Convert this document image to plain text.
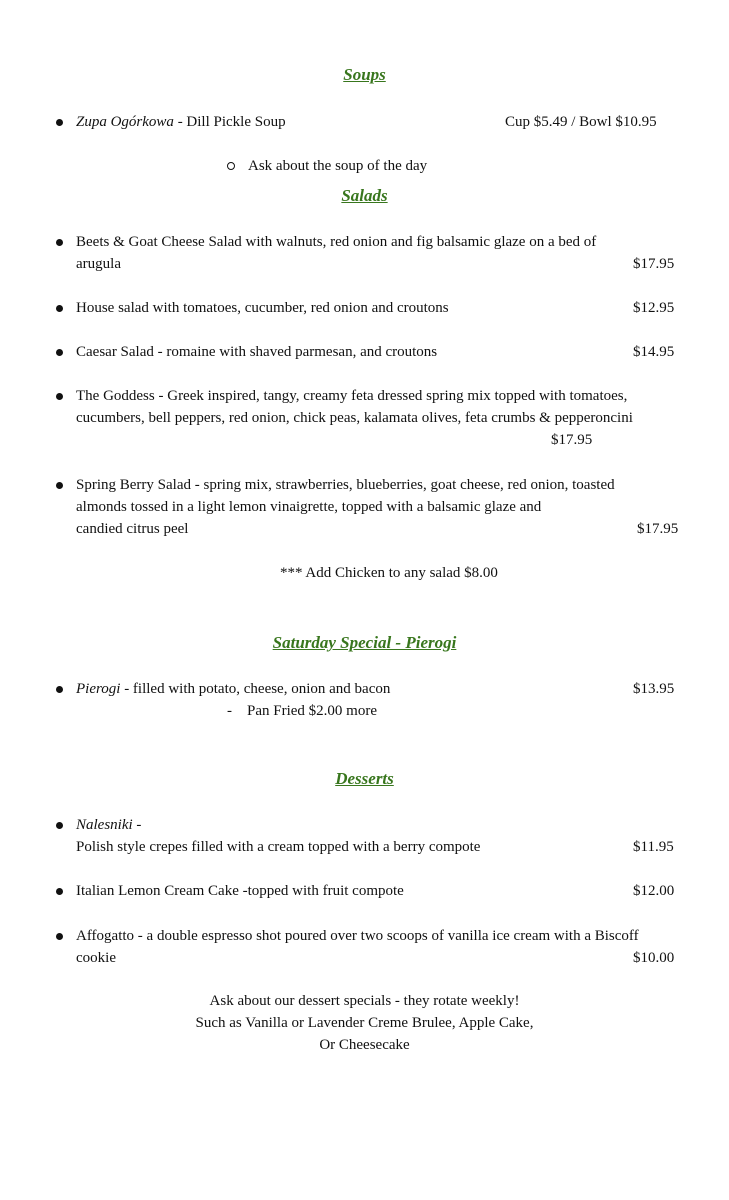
Soups
Zupa Ogórkowa - Dill Pickle Soup	Cup $5.49 / Bowl $10.95
Ask about the soup of the day
Salads
Beets & Goat Cheese Salad with walnuts, red onion and fig balsamic glaze on a bed of
arugula	$17.95
House salad with tomatoes, cucumber, red onion and croutons	$12.95
Caesar Salad - romaine with shaved parmesan, and croutons	$14.95
The Goddess - Greek inspired, tangy, creamy feta dressed spring mix topped with tomatoes,
cucumbers, bell peppers, red onion, chick peas, kalamata olives, feta crumbs & pepperoncini
$17.95
Spring Berry Salad - spring mix, strawberries, blueberries, goat cheese, red onion, toasted
almonds tossed in a light lemon vinaigrette, topped with a balsamic glaze and
candied citrus peel	$17.95
*** Add Chicken to any salad $8.00
Saturday Special - Pierogi
Pierogi - filled with potato, cheese, onion and bacon	$13.95
-    Pan Fried $2.00 more
Desserts
Nalesniki -
Polish style crepes filled with a cream topped with a berry compote	$11.95
Italian Lemon Cream Cake -topped with fruit compote	$12.00
Affogatto - a double espresso shot poured over two scoops of vanilla ice cream with a Biscoff
cookie	$10.00
Ask about our dessert specials - they rotate weekly!
Such as Vanilla or Lavender Creme Brulee, Apple Cake,
Or Cheesecake
